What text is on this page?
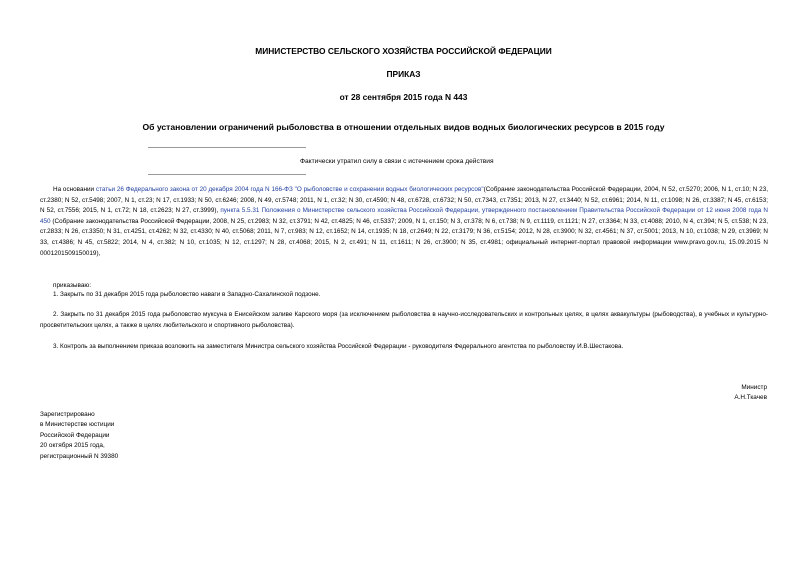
МИНИСТЕРСТВО СЕЛЬСКОГО ХОЗЯЙСТВА РОССИЙСКОЙ ФЕДЕРАЦИИ
ПРИКАЗ
от 28 сентября 2015 года N 443
Об установлении ограничений рыболовства в отношении отдельных видов водных биологических ресурсов в 2015 году
Фактически утратил силу в связи с истечением срока действия
На основании статьи 26 Федерального закона от 20 декабря 2004 года N 166-ФЗ "О рыболовстве и сохранении водных биологических ресурсов"(Собрание законодательства Российской Федерации, 2004, N 52, ст.5270; 2006, N 1, ст.10; N 23, ст.2380; N 52, ст.5498; 2007, N 1, ст.23; N 17, ст.1933; N 50, ст.6246; 2008, N 49, ст.5748; 2011, N 1, ст.32; N 30, ст.4590; N 48, ст.6728, ст.6732; N 50, ст.7343, ст.7351; 2013, N 27, ст.3440; N 52, ст.6961; 2014, N 11, ст.1098; N 26, ст.3387; N 45, ст.6153; N 52, ст.7556; 2015, N 1, ст.72; N 18, ст.2623; N 27, ст.3999), пункта 5.5.31 Положения о Министерстве сельского хозяйства Российской Федерации, утвержденного постановлением Правительства Российской Федерации от 12 июня 2008 года N 450 (Собрание законодательства Российской Федерации, 2008, N 25, ст.2983; N 32, ст.3791; N 42, ст.4825; N 46, ст.5337; 2009, N 1, ст.150; N 3, ст.378; N 6, ст.738; N 9, ст.1119, ст.1121; N 27, ст.3364; N 33, ст.4088; 2010, N 4, ст.394; N 5, ст.538; N 23, ст.2833; N 26, ст.3350; N 31, ст.4251, ст.4262; N 32, ст.4330; N 40, ст.5068; 2011, N 7, ст.983; N 12, ст.1652; N 14, ст.1935; N 18, ст.2649; N 22, ст.3179; N 36, ст.5154; 2012, N 28, ст.3900; N 32, ст.4561; N 37, ст.5001; 2013, N 10, ст.1038; N 29, ст.3969; N 33, ст.4386; N 45, ст.5822; 2014, N 4, ст.382; N 10, ст.1035; N 12, ст.1297; N 28, ст.4068; 2015, N 2, ст.491; N 11, ст.1611; N 26, ст.3900; N 35, ст.4981; официальный интернет-портал правовой информации www.pravo.gov.ru, 15.09.2015 N 0001201509150019),
приказываю:
1. Закрыть по 31 декабря 2015 года рыболовство наваги в Западно-Сахалинской подзоне.
2. Закрыть по 31 декабря 2015 года рыболовство муксуна в Енисейском заливе Карского моря (за исключением рыболовства в научно-исследовательских и контрольных целях, в целях аквакультуры (рыбоводства), в учебных и культурно-просветительских целях, а также в целях любительского и спортивного рыболовства).
3. Контроль за выполнением приказа возложить на заместителя Министра сельского хозяйства Российской Федерации - руководителя Федерального агентства по рыболовству И.В.Шестакова.
Министр
А.Н.Ткачев
Зарегистрировано
в Министерстве юстиции
Российской Федерации
20 октября 2015 года,
регистрационный N 39380
